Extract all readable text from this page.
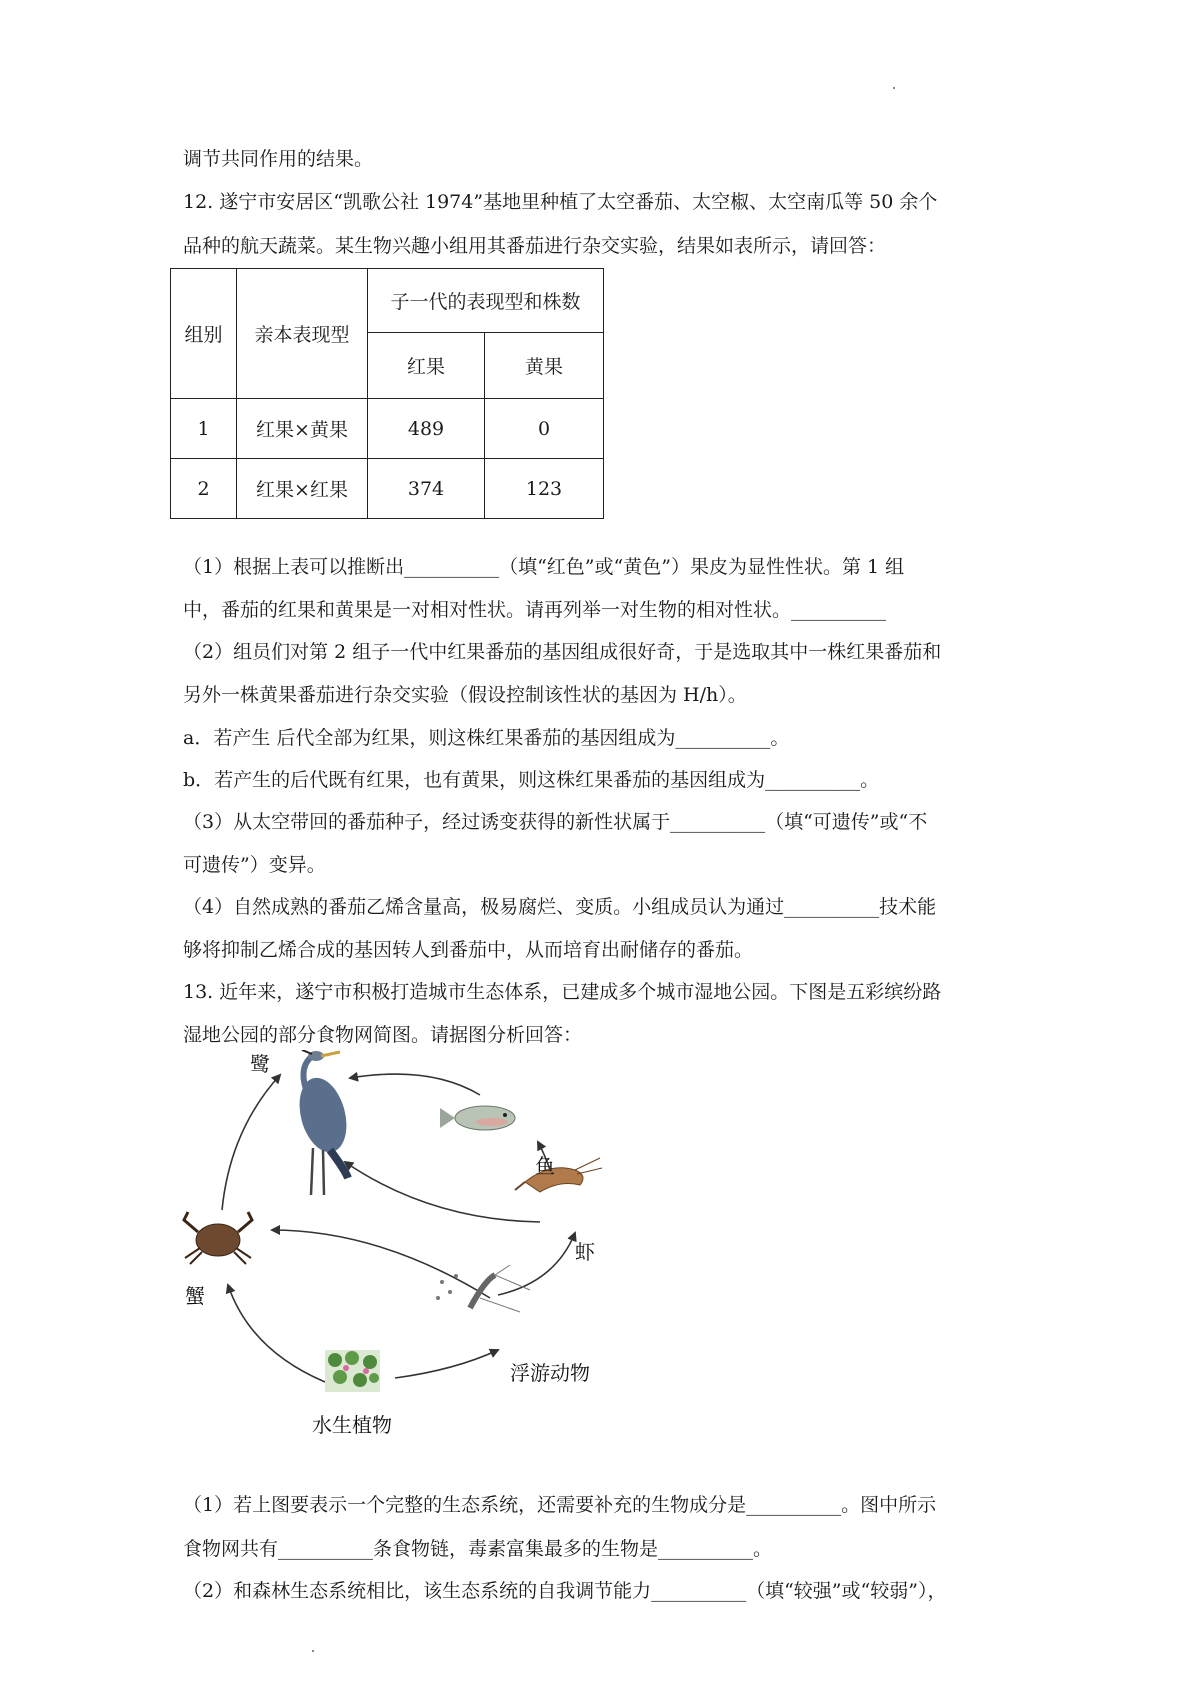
调节共同作用的结果。
12. 遂宁市安居区“凯歌公社 1974”基地里种植了太空番茄、太空椒、太空南瓜等 50 余个
品种的航天蔬菜。某生物兴趣小组用其番茄进行杂交实验，结果如表所示，请回答：
组别	亲本表现型	子一代的表现型和株数	
		红果	黄果
1	红果×黄果	489	0
2	红果×红果	374	123
（1）根据上表可以推断出__________（填“红色”或“黄色”）果皮为显性性状。第 1 组
中，番茄的红果和黄果是一对相对性状。请再列举一对生物的相对性状。__________
（2）组员们对第 2 组子一代中红果番茄的基因组成很好奇，于是选取其中一株红果番茄和
另外一株黄果番茄进行杂交实验（假设控制该性状的基因为 H/h）。
a．若产生 后代全部为红果，则这株红果番茄的基因组成为__________。
b．若产生的后代既有红果，也有黄果，则这株红果番茄的基因组成为__________。
（3）从太空带回的番茄种子，经过诱变获得的新性状属于__________（填“可遗传”或“不
可遗传”）变异。
（4）自然成熟的番茄乙烯含量高，极易腐烂、变质。小组成员认为通过__________技术能
够将抑制乙烯合成的基因转人到番茄中，从而培育出耐储存的番茄。
13. 近年来，遂宁市积极打造城市生态体系，已建成多个城市湿地公园。下图是五彩缤纷路
湿地公园的部分食物网简图。请据图分析回答：
鹭
鱼
虾
蟹
浮游动物
水生植物
（1）若上图要表示一个完整的生态系统，还需要补充的生物成分是__________。图中所示
食物网共有__________条食物链，毒素富集最多的生物是__________。
（2）和森林生态系统相比，该生态系统的自我调节能力__________（填“较强”或“较弱”），
